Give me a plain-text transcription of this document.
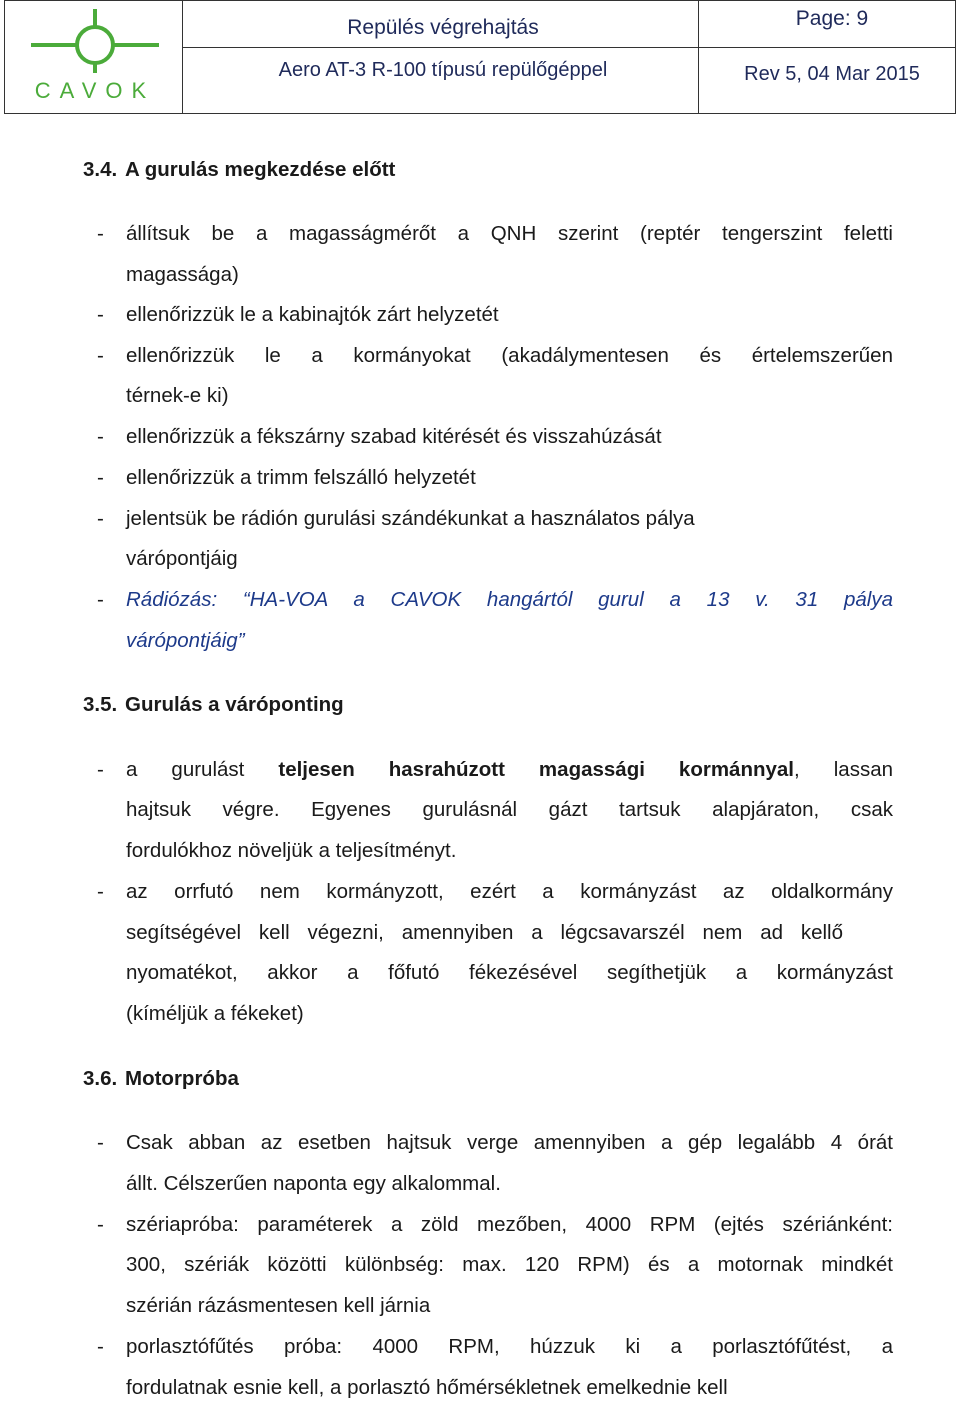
CAVOK
Repülés végrehajtás
Aero AT-3 R-100 típusú repülőgéppel
Page: 9
Rev 5, 04 Mar 2015
3.4. A gurulás megkezdése előtt
- állítsuk be a magasságmérőt a QNH szerint (reptér tengerszint feletti
magassága)
- ellenőrizzük le a kabinajtók zárt helyzetét
- ellenőrizzük le a kormányokat (akadálymentesen és értelemszerűen
térnek-e ki)
- ellenőrizzük a fékszárny szabad kitérését és visszahúzását
- ellenőrizzük a trimm felszálló helyzetét
- jelentsük be rádión gurulási szándékunkat a használatos pálya
várópontjáig
- Rádiózás: “HA-VOA a CAVOK hangártól gurul a 13 v. 31 pálya
várópontjáig”
3.5. Gurulás a váróponting
- a gurulást teljesen hasrahúzott magassági kormánnyal, lassan
hajtsuk végre. Egyenes gurulásnál gázt tartsuk alapjáraton, csak
fordulókhoz növeljük a teljesítményt.
- az orrfutó nem kormányzott, ezért a kormányzást az oldalkormány
segítségével kell végezni, amennyiben a légcsavarszél nem ad kellő
nyomatékot, akkor a főfutó fékezésével segíthetjük a kormányzást
(kíméljük a fékeket)
3.6. Motorpróba
- Csak abban az esetben hajtsuk verge amennyiben a gép legalább 4 órát
állt. Célszerűen naponta egy alkalommal.
- szériapróba: paraméterek a zöld mezőben, 4000 RPM (ejtés szériánként:
300, szériák közötti különbség: max. 120 RPM) és a motornak mindkét
szérián rázásmentesen kell járnia
- porlasztófűtés próba: 4000 RPM, húzzuk ki a porlasztófűtést, a
fordulatnak esnie kell, a porlasztó hőmérsékletnek emelkednie kell
